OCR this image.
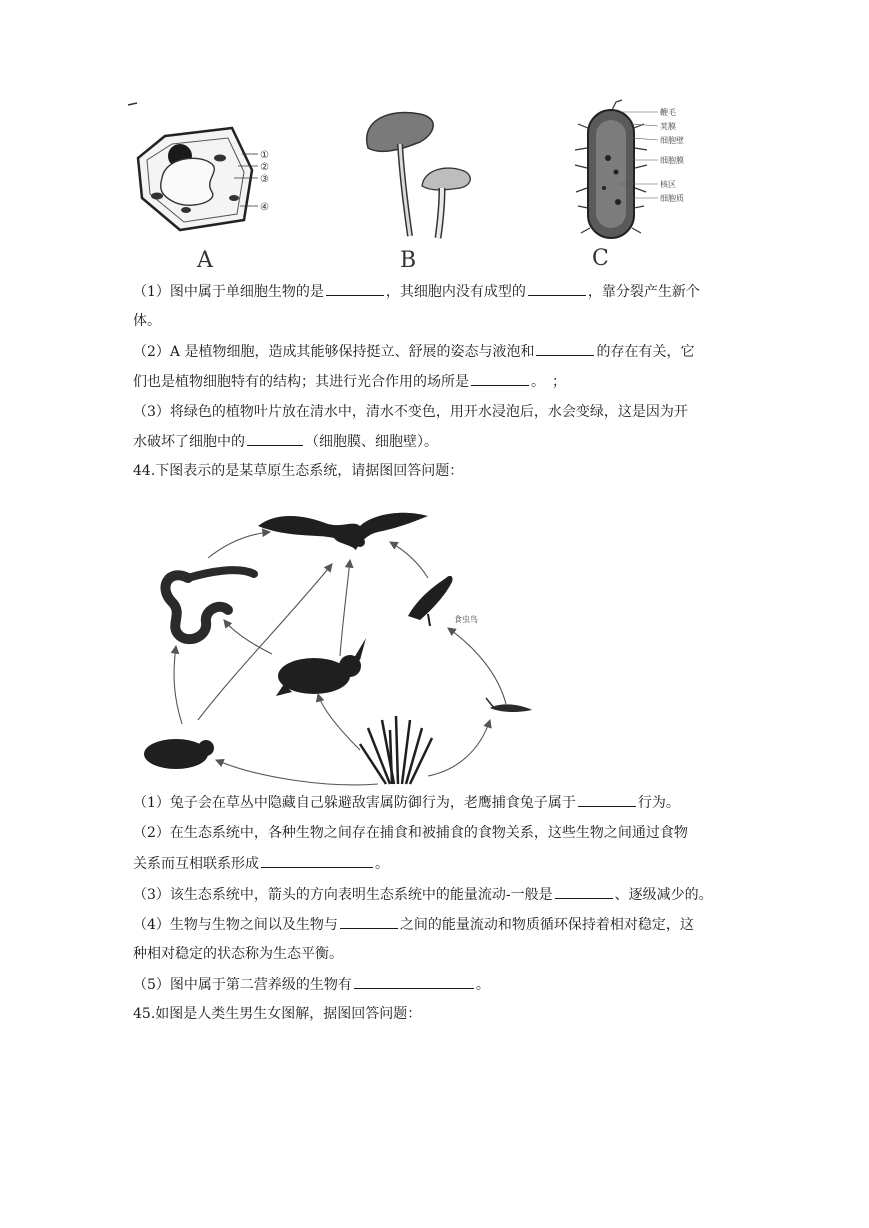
①
②
③
④
鞭毛
荚膜
细胞壁
细胞膜
核区
细胞质
A	B	C
（1）图中属于单细胞生物的是	，其细胞内没有成型的	，靠分裂产生新个
体。
（2）A 是植物细胞，造成其能够保持挺立、舒展的姿态与液泡和	的存在有关，它
们也是植物细胞特有的结构；其进行光合作用的场所是	。　；
（3）将绿色的植物叶片放在清水中，清水不变色，用开水浸泡后，水会变绿，这是因为开
水破坏了细胞中的	（细胞膜、细胞壁）。
44.下图表示的是某草原生态系统，请据图回答问题：
食虫鸟
（1）兔子会在草丛中隐藏自己躲避敌害属防御行为，老鹰捕食兔子属于	行为。
（2）在生态系统中，各种生物之间存在捕食和被捕食的食物关系，这些生物之间通过食物
关系而互相联系形成	。
（3）该生态系统中，箭头的方向表明生态系统中的能量流动-一般是	、逐级减少的。
（4）生物与生物之间以及生物与	之间的能量流动和物质循环保持着相对稳定，这
种相对稳定的状态称为生态平衡。
（5）图中属于第二营养级的生物有	。
45.如图是人类生男生女图解，据图回答问题：
